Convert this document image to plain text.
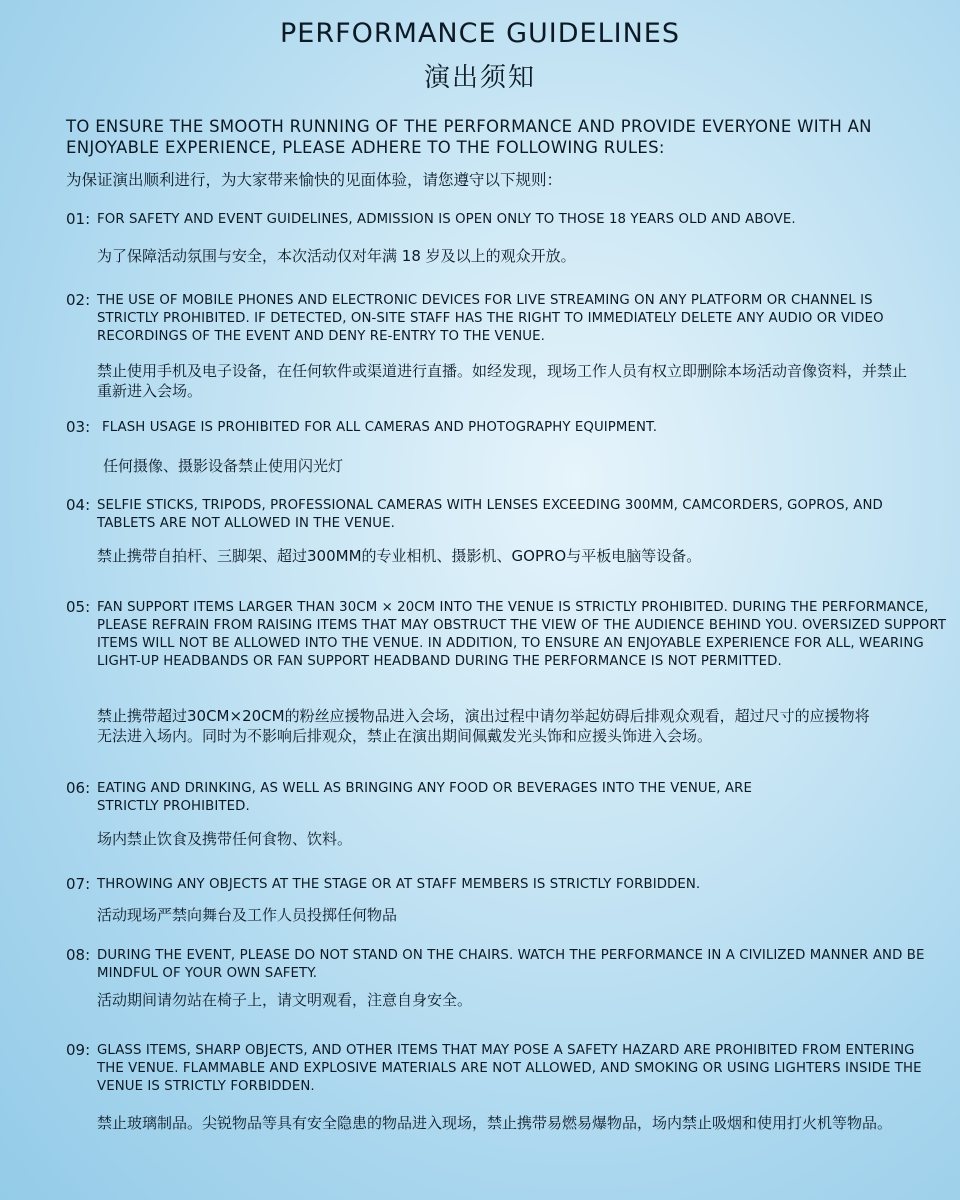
PERFORMANCE GUIDELINES
演出须知
TO ENSURE THE SMOOTH RUNNING OF THE PERFORMANCE AND PROVIDE EVERYONE WITH AN ENJOYABLE EXPERIENCE, PLEASE ADHERE TO THE FOLLOWING RULES:
为保证演出顺利进行，为大家带来愉快的见面体验，请您遵守以下规则：
01: FOR SAFETY AND EVENT GUIDELINES, ADMISSION IS OPEN ONLY TO THOSE 18 YEARS OLD AND ABOVE.
为了保障活动氛围与安全，本次活动仅对年满 18 岁及以上的观众开放。
02: THE USE OF MOBILE PHONES AND ELECTRONIC DEVICES FOR LIVE STREAMING ON ANY PLATFORM OR CHANNEL IS STRICTLY PROHIBITED. IF DETECTED, ON-SITE STAFF HAS THE RIGHT TO IMMEDIATELY DELETE ANY AUDIO OR VIDEO RECORDINGS OF THE EVENT AND DENY RE-ENTRY TO THE VENUE.
禁止使用手机及电子设备，在任何软件或渠道进行直播。如经发现，现场工作人员有权立即删除本场活动音像资料，并禁止重新进入会场。
03: FLASH USAGE IS PROHIBITED FOR ALL CAMERAS AND PHOTOGRAPHY EQUIPMENT.
任何摄像、摄影设备禁止使用闪光灯
04: SELFIE STICKS, TRIPODS, PROFESSIONAL CAMERAS WITH LENSES EXCEEDING 300MM, CAMCORDERS, GOPROS, AND TABLETS ARE NOT ALLOWED IN THE VENUE.
禁止携带自拍杆、三脚架、超过300MM的专业相机、摄影机、GOPRO与平板电脑等设备。
05: FAN SUPPORT ITEMS LARGER THAN 30CM × 20CM INTO THE VENUE IS STRICTLY PROHIBITED. DURING THE PERFORMANCE, PLEASE REFRAIN FROM RAISING ITEMS THAT MAY OBSTRUCT THE VIEW OF THE AUDIENCE BEHIND YOU. OVERSIZED SUPPORT ITEMS WILL NOT BE ALLOWED INTO THE VENUE. IN ADDITION, TO ENSURE AN ENJOYABLE EXPERIENCE FOR ALL, WEARING LIGHT-UP HEADBANDS OR FAN SUPPORT HEADBAND DURING THE PERFORMANCE IS NOT PERMITTED.
禁止携带超过30CM×20CM的粉丝应援物品进入会场，演出过程中请勿举起妨碍后排观众观看，超过尺寸的应援物将无法进入场内。同时为不影响后排观众，禁止在演出期间佩戴发光头饰和应援头饰进入会场。
06: EATING AND DRINKING, AS WELL AS BRINGING ANY FOOD OR BEVERAGES INTO THE VENUE, ARE STRICTLY PROHIBITED.
场内禁止饮食及携带任何食物、饮料。
07: THROWING ANY OBJECTS AT THE STAGE OR AT STAFF MEMBERS IS STRICTLY FORBIDDEN.
活动现场严禁向舞台及工作人员投掷任何物品
08: DURING THE EVENT, PLEASE DO NOT STAND ON THE CHAIRS. WATCH THE PERFORMANCE IN A CIVILIZED MANNER AND BE MINDFUL OF YOUR OWN SAFETY.
活动期间请勿站在椅子上，请文明观看，注意自身安全。
09: GLASS ITEMS, SHARP OBJECTS, AND OTHER ITEMS THAT MAY POSE A SAFETY HAZARD ARE PROHIBITED FROM ENTERING THE VENUE. FLAMMABLE AND EXPLOSIVE MATERIALS ARE NOT ALLOWED, AND SMOKING OR USING LIGHTERS INSIDE THE VENUE IS STRICTLY FORBIDDEN.
禁止玻璃制品。尖锐物品等具有安全隐患的物品进入现场，禁止携带易燃易爆物品，场内禁止吸烟和使用打火机等物品。
